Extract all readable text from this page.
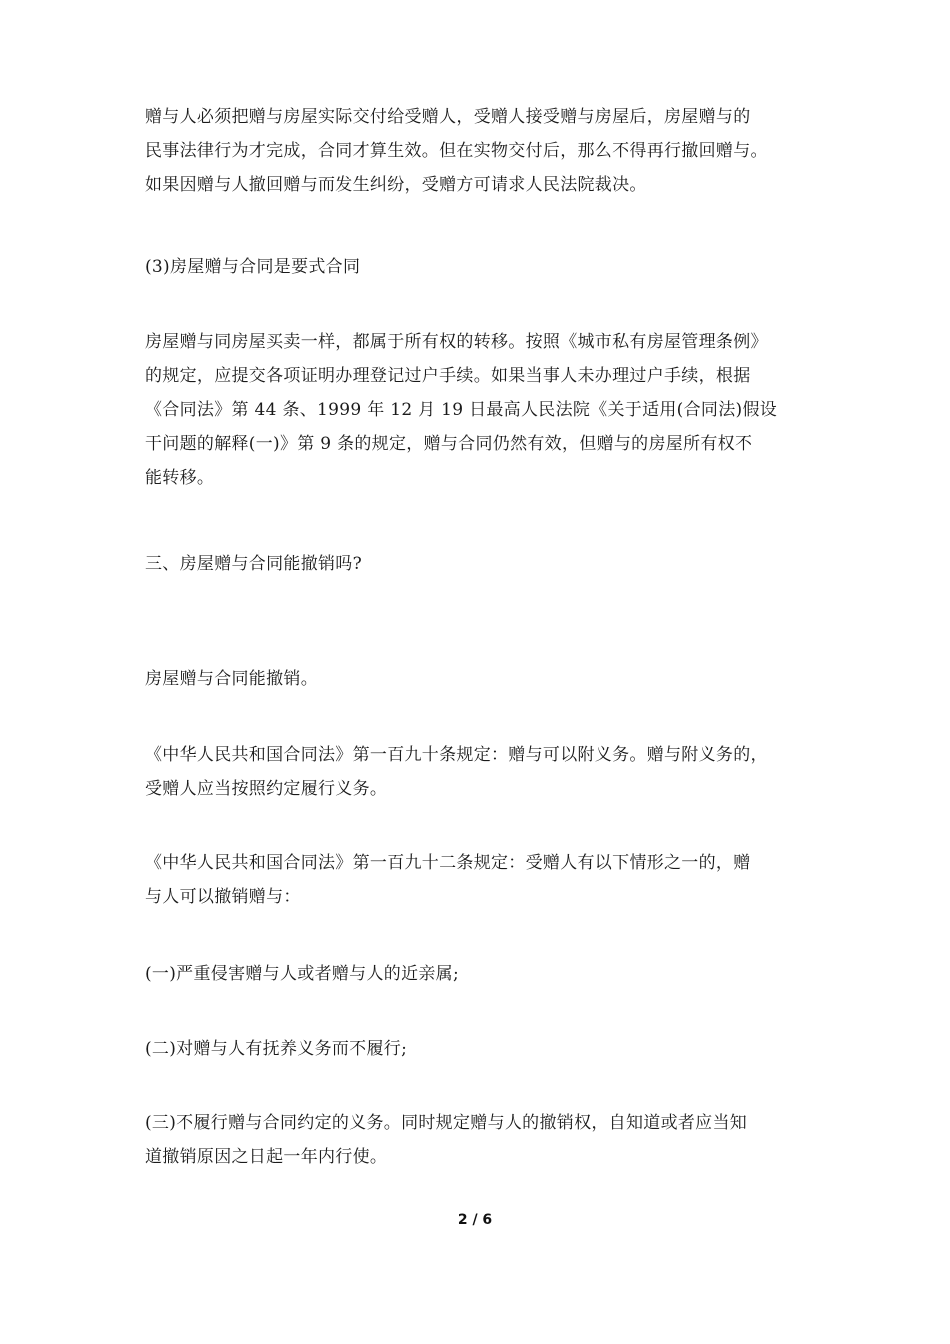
赠与人必须把赠与房屋实际交付给受赠人，受赠人接受赠与房屋后，房屋赠与的
民事法律行为才完成，合同才算生效。但在实物交付后，那么不得再行撤回赠与。
如果因赠与人撤回赠与而发生纠纷，受赠方可请求人民法院裁决。

(3)房屋赠与合同是要式合同

房屋赠与同房屋买卖一样，都属于所有权的转移。按照《城市私有房屋管理条例》
的规定，应提交各项证明办理登记过户手续。如果当事人未办理过户手续，根据
《合同法》第 44 条、1999 年 12 月 19 日最高人民法院《关于适用(合同法)假设
干问题的解释(一)》第 9 条的规定，赠与合同仍然有效，但赠与的房屋所有权不
能转移。

三、房屋赠与合同能撤销吗?

房屋赠与合同能撤销。

《中华人民共和国合同法》第一百九十条规定：赠与可以附义务。赠与附义务的，
受赠人应当按照约定履行义务。

《中华人民共和国合同法》第一百九十二条规定：受赠人有以下情形之一的，赠
与人可以撤销赠与：

(一)严重侵害赠与人或者赠与人的近亲属;

(二)对赠与人有抚养义务而不履行;

(三)不履行赠与合同约定的义务。同时规定赠与人的撤销权，自知道或者应当知
道撤销原因之日起一年内行使。

2 / 6
